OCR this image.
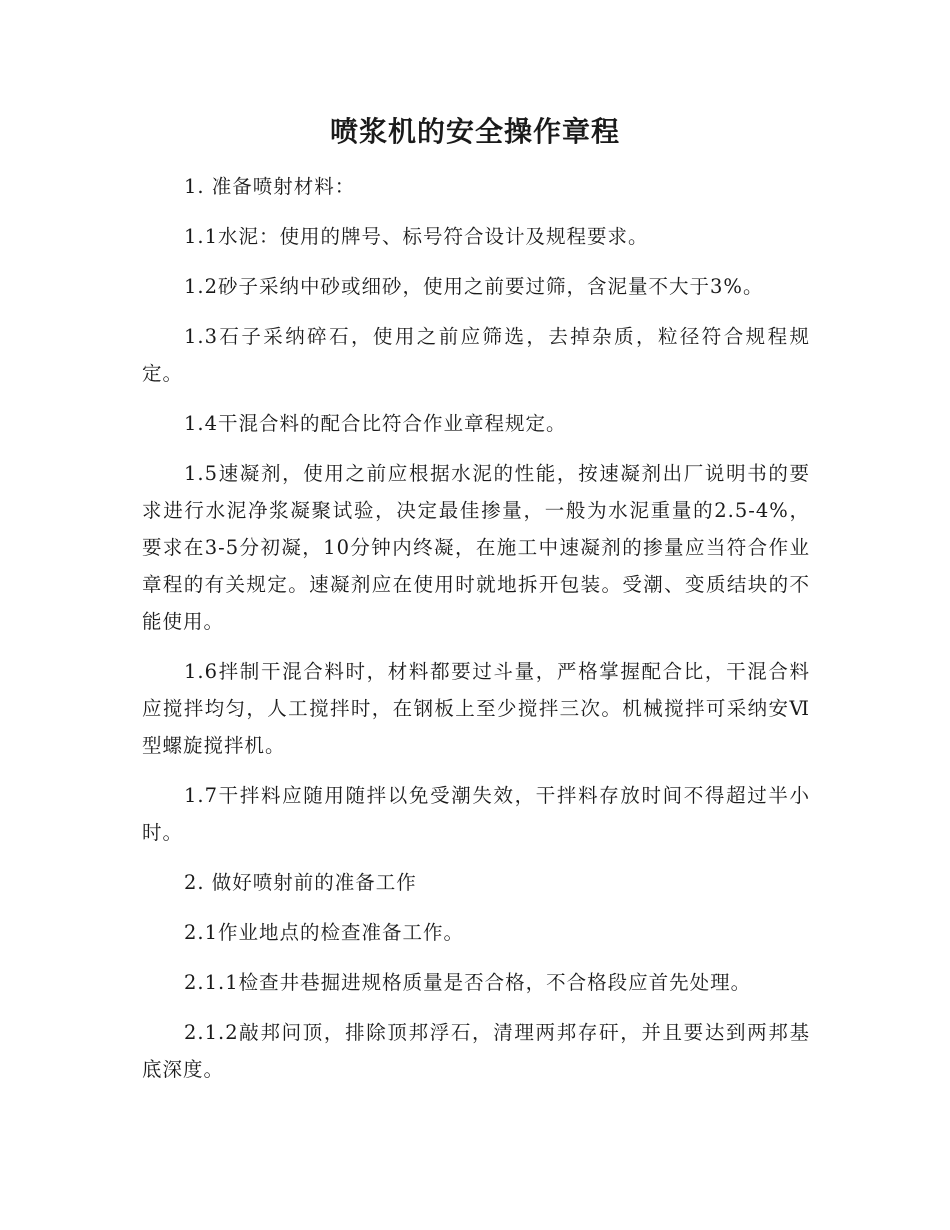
喷浆机的安全操作章程

1. 准备喷射材料：

1.1水泥：使用的牌号、标号符合设计及规程要求。

1.2砂子采纳中砂或细砂，使用之前要过筛，含泥量不大于3%。

1.3石子采纳碎石，使用之前应筛选，去掉杂质，粒径符合规程规定。

1.4干混合料的配合比符合作业章程规定。

1.5速凝剂，使用之前应根据水泥的性能，按速凝剂出厂说明书的要求进行水泥净浆凝聚试验，决定最佳掺量，一般为水泥重量的2.5-4%，要求在3-5分初凝，10分钟内终凝，在施工中速凝剂的掺量应当符合作业章程的有关规定。速凝剂应在使用时就地拆开包装。受潮、变质结块的不能使用。

1.6拌制干混合料时，材料都要过斗量，严格掌握配合比，干混合料应搅拌均匀，人工搅拌时，在钢板上至少搅拌三次。机械搅拌可采纳安Ⅵ型螺旋搅拌机。

1.7干拌料应随用随拌以免受潮失效，干拌料存放时间不得超过半小时。

2. 做好喷射前的准备工作

2.1作业地点的检查准备工作。

2.1.1检查井巷掘进规格质量是否合格，不合格段应首先处理。

2.1.2敲邦问顶，排除顶邦浮石，清理两邦存矸，并且要达到两邦基底深度。
